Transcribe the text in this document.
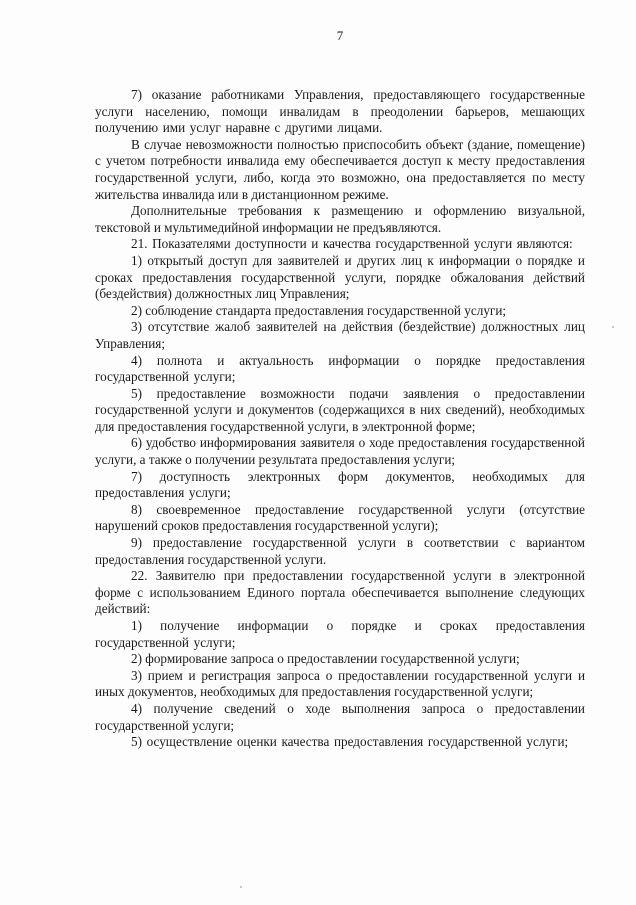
7

7) оказание работниками Управления, предоставляющего государственные услуги населению, помощи инвалидам в преодолении барьеров, мешающих получению ими услуг наравне с другими лицами.

В случае невозможности полностью приспособить объект (здание, помещение) с учетом потребности инвалида ему обеспечивается доступ к месту предоставления государственной услуги, либо, когда это возможно, она предоставляется по месту жительства инвалида или в дистанционном режиме.

Дополнительные требования к размещению и оформлению визуальной, текстовой и мультимедийной информации не предъявляются.

21. Показателями доступности и качества государственной услуги являются:

1) открытый доступ для заявителей и других лиц к информации о порядке и сроках предоставления государственной услуги, порядке обжалования действий (бездействия) должностных лиц Управления;

2) соблюдение стандарта предоставления государственной услуги;

3) отсутствие жалоб заявителей на действия (бездействие) должностных лиц Управления;

4) полнота и актуальность информации о порядке предоставления государственной услуги;

5) предоставление возможности подачи заявления о предоставлении государственной услуги и документов (содержащихся в них сведений), необходимых для предоставления государственной услуги, в электронной форме;

6) удобство информирования заявителя о ходе предоставления государственной услуги, а также о получении результата предоставления услуги;

7) доступность электронных форм документов, необходимых для предоставления услуги;

8) своевременное предоставление государственной услуги (отсутствие нарушений сроков предоставления государственной услуги);

9) предоставление государственной услуги в соответствии с вариантом предоставления государственной услуги.

22. Заявителю при предоставлении государственной услуги в электронной форме с использованием Единого портала обеспечивается выполнение следующих действий:

1) получение информации о порядке и сроках предоставления государственной услуги;

2) формирование запроса о предоставлении государственной услуги;

3) прием и регистрация запроса о предоставлении государственной услуги и иных документов, необходимых для предоставления государственной услуги;

4) получение сведений о ходе выполнения запроса о предоставлении государственной услуги;

5) осуществление оценки качества предоставления государственной услуги;
